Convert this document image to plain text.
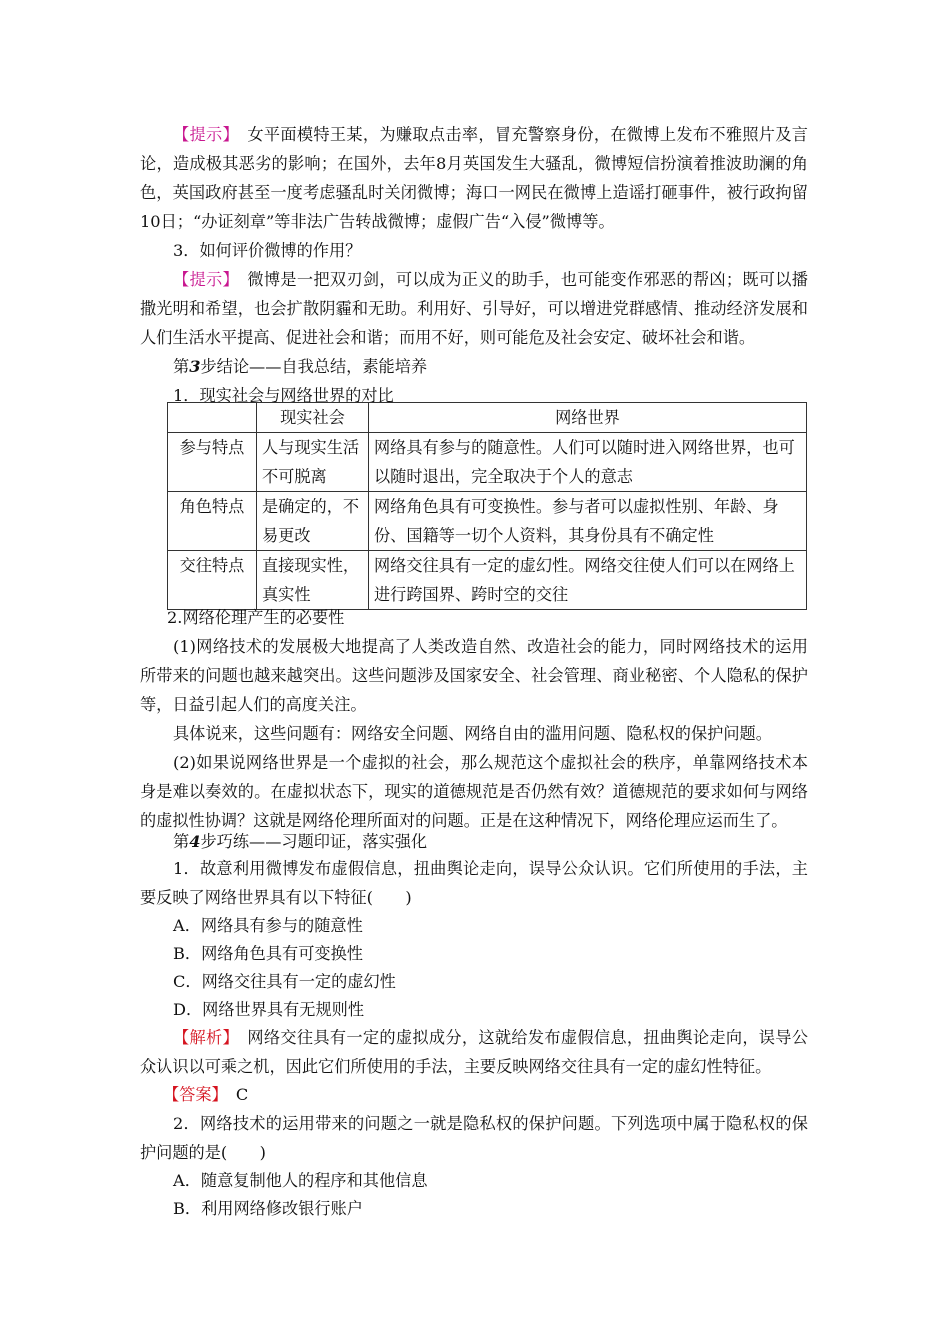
【提示】　 女平面模特王某，为赚取点击率，冒充警察身份，在微博上发布不雅照片及言论，造成极其恶劣的影响；在国外，去年8月英国发生大骚乱，微博短信扮演着推波助澜的角色，英国政府甚至一度考虑骚乱时关闭微博；海口一网民在微博上造谣打砸事件，被行政拘留10日；“办证刻章”等非法广告转战微博；虚假广告“入侵”微博等。

3．如何评价微博的作用？

【提示】　 微博是一把双刃剑，可以成为正义的助手，也可能变作邪恶的帮凶；既可以播撒光明和希望，也会扩散阴霾和无助。利用好、引导好，可以增进党群感情、推动经济发展和人们生活水平提高、促进社会和谐；而用不好，则可能危及社会安定、破坏社会和谐。

第3步结论——自我总结，素能培养

1．现实社会与网络世界的对比

	现实社会	网络世界
参与特点	人与现实生活不可脱离	网络具有参与的随意性。人们可以随时进入网络世界，也可以随时退出，完全取决于个人的意志
角色特点	是确定的，不易更改	网络角色具有可变换性。参与者可以虚拟性别、年龄、身份、国籍等一切个人资料，其身份具有不确定性
交往特点	直接现实性，真实性	网络交往具有一定的虚幻性。网络交往使人们可以在网络上进行跨国界、跨时空的交往

2.网络伦理产生的必要性

(1)网络技术的发展极大地提高了人类改造自然、改造社会的能力，同时网络技术的运用所带来的问题也越来越突出。这些问题涉及国家安全、社会管理、商业秘密、个人隐私的保护等，日益引起人们的高度关注。

具体说来，这些问题有：网络安全问题、网络自由的滥用问题、隐私权的保护问题。

(2)如果说网络世界是一个虚拟的社会，那么规范这个虚拟社会的秩序，单靠网络技术本身是难以奏效的。在虚拟状态下，现实的道德规范是否仍然有效？道德规范的要求如何与网络的虚拟性协调？这就是网络伦理所面对的问题。正是在这种情况下，网络伦理应运而生了。

第4步巧练——习题印证，落实强化

1．故意利用微博发布虚假信息，扭曲舆论走向，误导公众认识。它们所使用的手法，主要反映了网络世界具有以下特征(　　)

A．网络具有参与的随意性

B．网络角色具有可变换性

C．网络交往具有一定的虚幻性

D．网络世界具有无规则性

【解析】　 网络交往具有一定的虚拟成分，这就给发布虚假信息，扭曲舆论走向，误导公众认识以可乘之机，因此它们所使用的手法，主要反映网络交往具有一定的虚幻性特征。

【答案】　 C

2．网络技术的运用带来的问题之一就是隐私权的保护问题。下列选项中属于隐私权的保护问题的是(　　)

A．随意复制他人的程序和其他信息

B．利用网络修改银行账户
